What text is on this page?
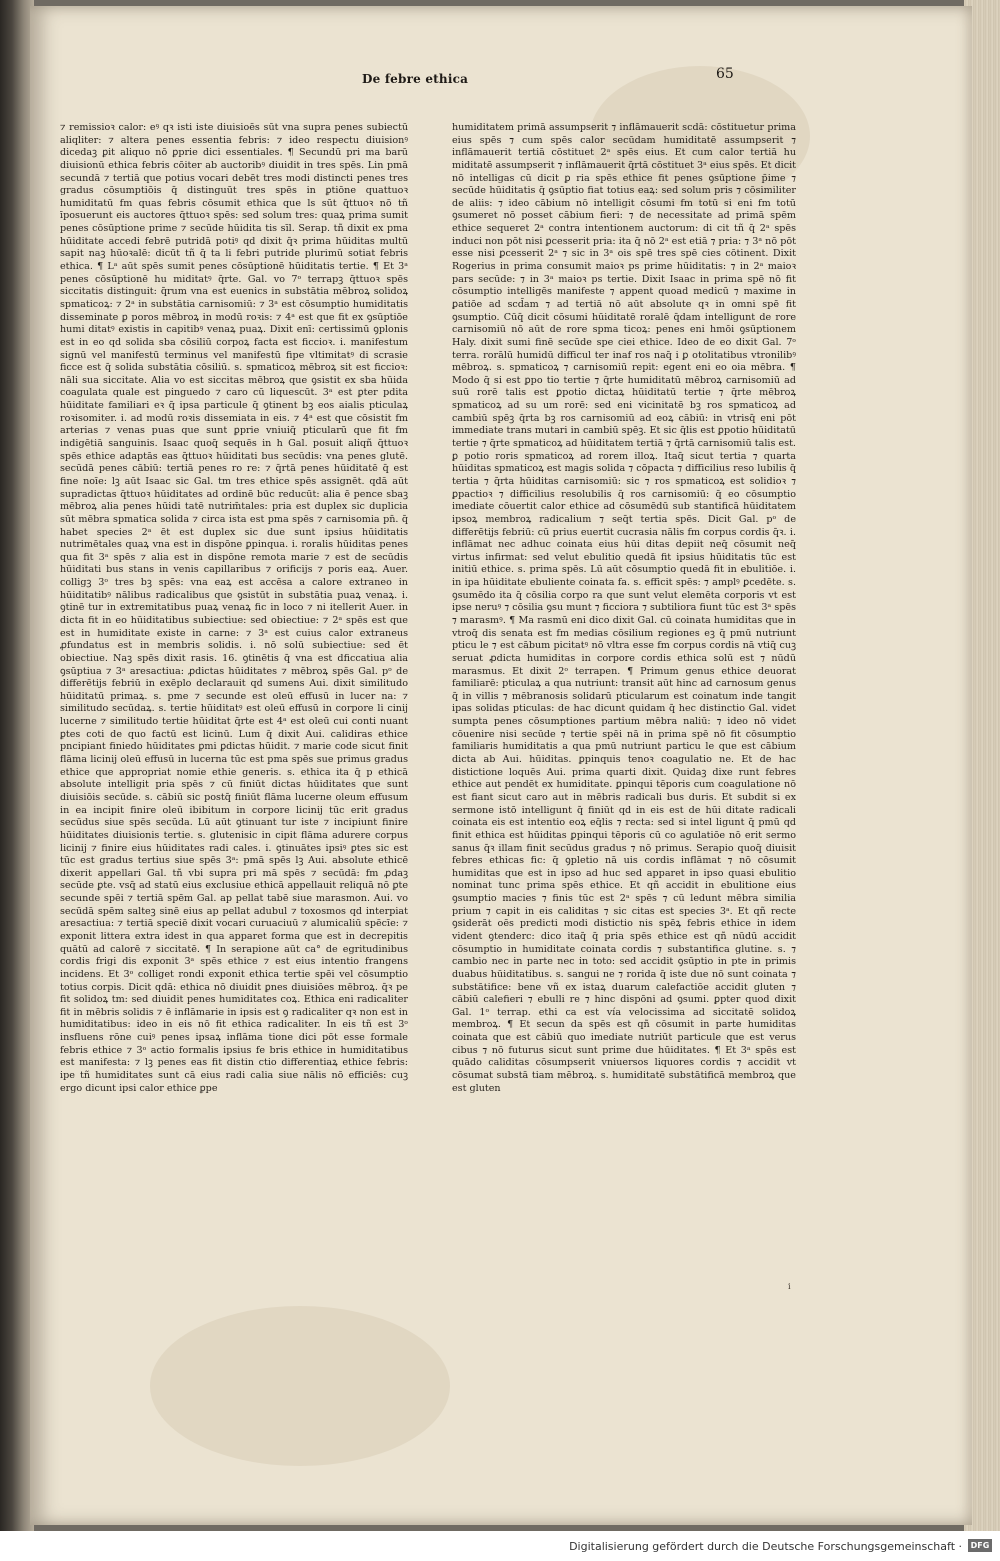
De febre ethica	65

⁊ remissioꝛ calor: eꝰ qꝛ isti iste diuisioēs sūt vna supra penes subiectū aliqliter: ⁊ altera penes essentia febris: ⁊ ideo respectu diuisionꝰ dicedaꝫ ꝑit aliquo nō ꝑprie dici essentiales. ¶ Secundū pri ma barū diuisionū ethica febris cōiter ab auctoribꝰ diuidit in tres spēs. Lin pmā secundā ⁊ tertiā que potius vocari debēt tres modi distincti penes tres gradus cōsumptiōis q̄ distinguūt tres spēs in ꝑtiōne quattuoꝛ humiditatū fm quas febris cōsumit ethica que ls sūt q̄ttuoꝛ nō tñ īposuerunt eis auctores q̄ttuoꝛ spēs: sed solum tres: quaꝝ prima sumit penes cōsūptione prime ⁊ secūde hūidita tis sīl. Serap. tñ dixit ex pma hūiditate accedi febrē putridā potiꝰ qd dixit q̄ꝛ prima hūiditas multū sapit naꝫ hūoꝛalē: dicūt tñ q̄ ta li febri putride plurimū sotiat febris ethica. ¶ Lᵃ aūt spēs sumit penes cōsūptionē hūiditatis tertie. ¶ Et 3ᵃ penes cōsūptionē hu miditatꝰ q̄rte. Gal. vo 7ᵒ terrapꝫ q̄ttuoꝛ spēs siccitatis distinguit: q̄rum vna est euenics in substātia mēbroꝝ solidoꝝ spmaticoꝝ: ⁊ 2ᵃ in substātia carnisomiū: ⁊ 3ᵃ est cōsumptio humiditatis disseminate ꝑ poros mēbroꝝ in modū roꝛis: ⁊ 4ᵃ est que fit ex ꝯsūptiōe humi ditatꝰ existis in capitibꝰ venaꝝ puaꝝ. Dixit enī: certissimū ꝯplonis est in eo qd solida sba cōsiliū corpoꝝ facta est ficcioꝛ. i. manifestum signū vel manifestū terminus vel manifestū fipe vltimitatꝰ di scrasie ficce est q̄ solida substātia cōsiliū. s. spmaticoꝝ mēbroꝝ sit est ficcioꝛ: nāli sua siccitate. Alia vo est siccitas mēbroꝝ que ꝯsistit ex sba hūida coagulata quale est pinguedo ⁊ caro cū liquescūt. 3ᵃ est ꝑter pdita hūiditate familiari eꝛ q̄ ipsa particule q̄ ꝯtinent bꝫ eos aialis pticulaꝝ roꝛisomiter. i. ad modū roꝛis dissemiata in eis. ⁊ 4ᵃ est que cōsistit fm arterias ⁊ venas puas que sunt ꝑprie vniuiq̄ pticularū que fit fm indigētiā sanguinis. Isaac quoq̄ sequēs in h Gal. posuit aliqñ q̄ttuoꝛ spēs ethice adaptās eas q̄ttuoꝛ hūiditati bus secūdis: vna penes glutē. secūdā penes cābiū: tertiā penes ro re: ⁊ q̄rtā penes hūiditatē q̄ est fine noīe: lꝫ aūt Isaac sic Gal. tm tres ethice spēs assignēt. qdā aūt supradictas q̄ttuoꝛ hūiditates ad ordinē būc reducūt: alia ē pence sbaꝫ mēbroꝝ alia penes hūidi tatē nutrim̄tales: pria est duplex sic duplicia sūt mēbra spmatica solida ⁊ circa ista est pma spēs ⁊ carnisomia pn̄. q̄ habet species 2ᵃ ēt est duplex sic due sunt ipsius hūiditatis nutrimētales quaꝝ vna est in dispōne ꝑpinqua. i. roralis hūiditas penes qua fit 3ᵃ spēs ⁊ alia est in dispōne remota marie ⁊ est de secūdis hūiditati bus stans in venis capillaribus ⁊ orificijs ⁊ poris eaꝝ. Auer. colligꝫ 3ᵒ tres bꝫ spēs: vna eaꝝ est accēsa a calore extraneo in hūiditatibꝰ nālibus radicalibus que ꝯsistūt in substātia puaꝝ venaꝝ. i. ꝯtinē tur in extremitatibus puaꝝ venaꝝ fic in loco ⁊ ni itellerit Auer. in dicta fit in eo hūiditatibus subiectiue: sed obiectiue: ⁊ 2ᵃ spēs est que est in humiditate existe in carne: ⁊ 3ᵃ est cuius calor extraneus ꝓfundatus est in membris solidis. i. nō solū subiectiue: sed ēt obiectiue. Naꝫ spēs dixit rasis. 16. ꝯtinētis q̄ vna est dficcatiua alia ꝯsūptiua ⁊ 3ᵃ aresactiua: ꝓdictas hūiditates ⁊ mēbroꝝ spēs Gal. pᵒ de differētijs febriū in exēplo declarauit qd sumens Aui. dixit similitudo hūiditatū primaꝝ. s. pme ⁊ secunde est oleū effusū in lucer na: ⁊ similitudo secūdaꝝ. s. tertie hūiditatꝰ est oleū effusū in corpore li cinij lucerne ⁊ similitudo tertie hūiditat q̄rte est 4ᵃ est oleū cui conti nuant ꝑtes coti de quo factū est licinū. Lum q̄ dixit Aui. calidiras ethice pncipiant finiedo hūiditates ꝑmi ꝑdictas hūidit. ⁊ marie code sicut finit flāma licinij oleū effusū in lucerna tūc est pma spēs sue primus gradus ethice que appropriat nomie ethie generis. s. ethica ita q̄ p ethicā absolute intelligit pria spēs ⁊ cū finiūt dictas hūiditates que sunt diuisiōis secūde. s. cābiū sic postq̄ finiūt flāma lucerne oleum effusum in ea incipit finire oleū ibibitum in corpore licinij tūc erit gradus secūdus siue spēs secūda. Lū aūt ꝯtinuant tur iste ⁊ incipiunt finire hūiditates diuisionis tertie. s. glutenisic in cipit flāma adurere corpus licinij ⁊ finire eius hūiditates radi cales. i. ꝯtinuātes ipsiꝰ ꝑtes sic est tūc est gradus tertius siue spēs 3ᵃ: pmā spēs lꝫ Aui. absolute ethicē dixerit appellari Gal. tñ vbi supra pri mā spēs ⁊ secūdā: fm ꝓdaꝫ secūde ꝑte. vsq̄ ad statū eius exclusiue ethicā appellauit reliquā nō ꝑte secunde spēi ⁊ tertiā spēm Gal. ap pellat tabē siue marasmon. Aui. vo secūdā spēm salteꝫ sinē eius ap pellat adubul ⁊ toxosmos qd interpiat aresactiua: ⁊ tertiā speciē dixit vocari curuaciuū ⁊ alumicaliū spēcīe: ⁊ exponit littera extra idest in qua apparet forma que est in decrepitis quātū ad calorē ⁊ siccitatē. ¶ In serapione aūt ca° de egritudinibus cordis frigi dis exponit 3ᵃ spēs ethice ⁊ est eius intentio frangens incidens. Et 3ᵒ colliget rondi exponit ethica tertie spēi vel cōsumptio totius corpis. Dicit qdā: ethica nō diuidit ꝑnes diuisiōes mēbroꝝ. q̄ꝛ pe fit solidoꝝ tm: sed diuidit penes humiditates coꝝ. Ethica eni radicaliter fit in mēbris solidis ⁊ ē inflāmarie in ipsis est ꝯ radicaliter qꝛ non est in humiditatibus: ideo in eis nō fit ethica radicaliter. In eis tñ est 3ᵒ insfluens rōne cuiꝰ penes ipsaꝝ inflāma tione dici pōt esse formale febris ethice ⁊ 3ᵒ actio formalis ipsius fe bris ethice in humiditatibus est manifesta: ⁊ lꝫ penes eas fit distin ctio differentiaꝝ ethice febris: ipe tñ humiditates sunt cā eius radi calia siue nālis nō efficiēs: cuꝫ ergo dicunt ipsi calor ethice ꝑpe

humiditatem primā assumpserit ⁊ inflāmauerit scd̄ā: cōstituetur prima eius spēs ⁊ cum spēs calor secūdam humiditatē assumpserit ⁊ inflāmauerit tertiā cōstituet 2ᵃ spēs eius. Et cum calor tertiā hu miditatē assumpserit ⁊ inflāmauerit q̄rtā cōstituet 3ᵃ eius spēs. Et dicit nō intelligas cū dicit ꝑ ria spēs ethice fit penes ꝯsūptione p̄ime ⁊ secūde hūiditatis q̄ ꝯsūptio fiat totius eaꝝ: sed solum pris ⁊ cōsimiliter de aliis: ⁊ ideo cābium nō intelligit cōsumi fm totū si eni fm totū ꝯsumeret nō posset cābium fieri: ⁊ de necessitate ad primā spēm ethice sequeret 2ᵃ contra intentionem auctorum: di cit tñ q̄ 2ᵃ spēs induci non pōt nisi ꝑcesserit pria: ita q̄ nō 2ᵃ est etiā ⁊ pria: ⁊ 3ᵃ nō pōt esse nisi ꝑcesserit 2ᵃ ⁊ sic in 3ᵃ ois spē tres spē cies cōtinent. Dixit Rogerius in prima consumit maioꝛ ps prime hūiditatis: ⁊ in 2ᵃ maioꝛ pars secūde: ⁊ in 3ᵃ maioꝛ ps tertie. Dixit Isaac in prima spē nō fit cōsumptio intelligēs manifeste ⁊ appent quoad medicū ⁊ maxime in ꝑatiōe ad scd̄am ⁊ ad tertiā nō aūt absolute qꝛ in omni spē fit ꝯsumptio. Cūq̄ dicit cōsumi hūiditatē roralē q̄dam intelligunt de rore carnisomiū nō aūt de rore spma ticoꝝ: penes eni hmōi ꝯsūptionem Haly. dixit sumi finē secūde spe ciei ethice. Ideo de eo dixit Gal. 7ᵒ terra. rorālū humidū difficul ter inaf ros naq̄ i ꝑ otolitatibus vtronilibꝰ mēbroꝝ. s. spmaticoꝝ ⁊ carnisomiū repit: egent eni eo oia mēbra. ¶ Modo q̄ si est ꝑpo tio tertie ⁊ q̄rte humiditatū mēbroꝝ carnisomiū ad suū rorē talis est ꝑpotio dictaꝝ hūiditatū tertie ⁊ q̄rte mēbroꝝ spmaticoꝝ ad su um rorē: sed eni vicinitatē bꝫ ros spmaticoꝝ ad cambiū spēꝫ q̄rta bꝫ ros carnisomiū ad eoꝝ cābiū: in vtrisq̄ eni pōt immediate trans mutari in cambiū spēꝫ. Et sic q̄lis est ꝑpotio hūiditatū tertie ⁊ q̄rte spmaticoꝝ ad hūiditatem tertiā ⁊ q̄rtā carnisomiū talis est. ꝑ potio roris spmaticoꝝ ad rorem illoꝝ. Itaq̄ sicut tertia ⁊ quarta hūiditas spmaticoꝝ est magis solida ⁊ cōpacta ⁊ difficilius reso lubilis q̄ tertia ⁊ q̄rta hūiditas carnisomiū: sic ⁊ ros spmaticoꝝ est solidioꝛ ⁊ ꝑpactioꝛ ⁊ difficilius resolubilis q̄ ros carnisomiū: q̄ eo cōsumptio imediate cōuertit calor ethice ad cōsumēdū sub stantificā hūiditatem ipsoꝝ membroꝝ radicalium ⁊ seq̄t tertia spēs. Dicit Gal. pᵒ de differētijs febriū: cū prius euertit cucrasia nālis fm corpus cordis q̄ꝛ. i. inflāmat nec adhuc coinata eius hūi ditas depiit neq̄ cōsumit neq̄ virtus infirmat: sed velut ebulitio quedā fit ipsius hūiditatis tūc est initiū ethice. s. prima spēs. Lū aūt cōsumptio quedā fit in ebulitiōe. i. in ipa hūiditate ebuliente coinata fa. s. efficit spēs: ⁊ amplꝰ ꝑcedēte. s. ꝯsumēdo ita q̄ cōsilia corpo ra que sunt velut elemēta corporis vt est ipse neruꝰ ⁊ cōsilia ꝯsu munt ⁊ ficciora ⁊ subtiliora fiunt tūc est 3ᵃ spēs ⁊ marasmꝰ. ¶ Ma rasmū eni dico dixit Gal. cū coinata humiditas que in vtroq̄ dis senata est fm medias cōsilium regiones eꝫ q̄ pmū nutriunt pticu le ⁊ est cābum picitatꝰ nō vltra esse fm corpus cordis nā vtiq̄ cuꝫ seruat ꝓdicta humiditas in corpore cordis ethica solū est ⁊ nūdū marasmus. Et dixit 2ᵒ terrapen. ¶ Primum genus ethice deuorat familiarē: pticulaꝝ a qua nutriunt: transit aūt hinc ad carnosum genus q̄ in villis ⁊ mēbranosis solidarū pticularum est coinatum inde tangit ipas solidas pticulas: de hac dicunt quidam q̄ hec distinctio Gal. videt sumpta penes cōsumptiones partium mēbra naliū: ⁊ ideo nō videt cōuenire nisi secūde ⁊ tertie spēi nā in prima spē nō fit cōsumptio familiaris humiditatis a qua pmū nutriunt particu le que est cābium dicta ab Aui. hūiditas. ꝑpinquis tenoꝛ coagulatio ne. Et de hac distictione loquēs Aui. prima quarti dixit. Quidaꝫ dixe runt febres ethice aut pendēt ex humiditate. ꝑpinqui tēporis cum coagulatione nō est fiant sicut caro aut in mēbris radicali bus duris. Et subdit si ex sermone istō intelligunt q̄ finiūt qd in eis est de hūi ditate radicali coinata eis est intentio eoꝝ eq̄lis ⁊ recta: sed si intel ligunt q̄ pmū qd finit ethica est hūiditas ꝑpinqui tēporis cū co agulatiōe nō erit sermo sanus q̄ꝛ illam finit secūdus gradus ⁊ nō primus. Serapio quoq̄ diuisit febres ethicas fic: q̄ ꝯpletio nā uis cordis inflāmat ⁊ nō cōsumit humiditas que est in ipso ad huc sed apparet in ipso quasi ebulitio nominat tunc prima spēs ethice. Et qñ accidit in ebulitione eius ꝯsumptio macies ⁊ finis tūc est 2ᵃ spēs ⁊ cū ledunt mēbra similia prium ⁊ capit in eis caliditas ⁊ sic citas est species 3ᵃ. Et qñ recte ꝯsiderāt oēs predicti modi distictio nis spēꝝ febris ethice in idem vident ꝯtenderc: dico itaq̄ q̄ pria spēs ethice est qñ nūdū accidit cōsumptio in humiditate coinata cordis ⁊ substantifica glutine. s. ⁊ cambio nec in parte nec in toto: sed accidit ꝯsūptio in pte in primis duabus hūiditatibus. s. sangui ne ⁊ rorida q̄ iste due nō sunt coinata ⁊ substātifice: bene vñ ex istaꝝ duarum calefactiōe accidit gluten ⁊ cābiū calefieri ⁊ ebulli re ⁊ hinc dispōni ad ꝯsumi. ꝑpter quod dixit Gal. 1ᵒ terrap. ethi ca est vía velocissima ad siccitatē solidoꝝ membroꝝ. ¶ Et secun da spēs est qñ cōsumit in parte humiditas coinata que est cābiū quo imediate nutriūt particule que est verus cibus ⁊ nō futurus sicut sunt prime due hūiditates. ¶ Et 3ᵃ spēs est quādo caliditas cōsumpserit vniuersos liquores cordis ⁊ accidit vt cōsumat substā tiam mēbroꝝ. s. humiditatē substātificā membroꝝ que est gluten

i
Digitalisierung gefördert durch die Deutsche Forschungsgemeinschaft ·	DFG
